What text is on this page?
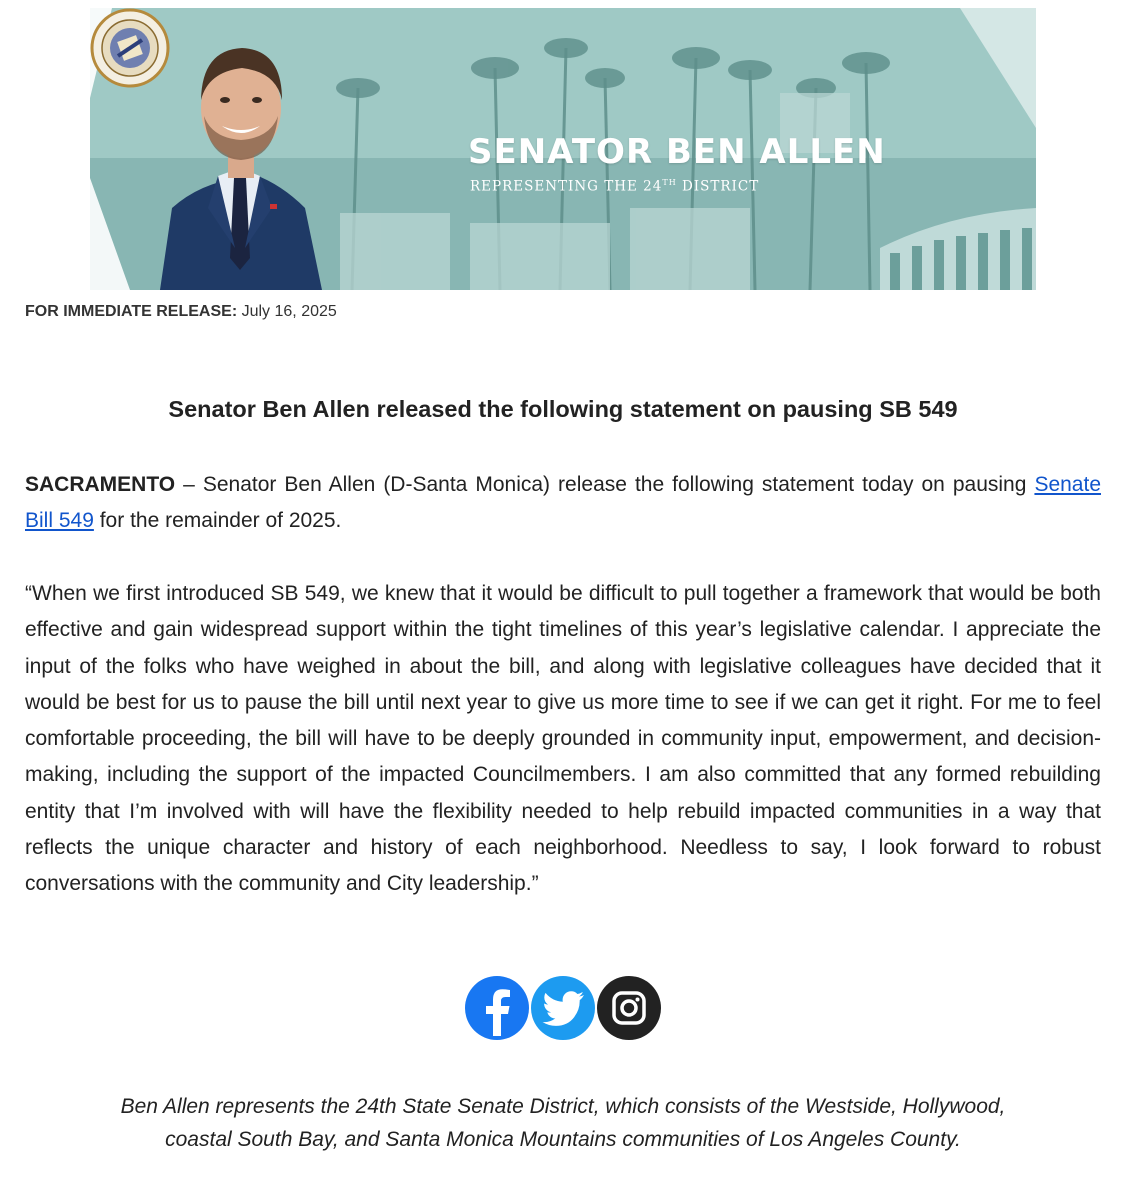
SENATOR BEN ALLEN
REPRESENTING THE 24TH DISTRICT
FOR IMMEDIATE RELEASE: July 16, 2025
Senator Ben Allen released the following statement on pausing SB 549

SACRAMENTO – Senator Ben Allen (D-Santa Monica) release the following statement today on pausing Senate Bill 549 for the remainder of 2025.

“When we first introduced SB 549, we knew that it would be difficult to pull together a framework that would be both effective and gain widespread support within the tight timelines of this year’s legislative calendar. I appreciate the input of the folks who have weighed in about the bill, and along with legislative colleagues have decided that it would be best for us to pause the bill until next year to give us more time to see if we can get it right. For me to feel comfortable proceeding, the bill will have to be deeply grounded in community input, empowerment, and decision-making, including the support of the impacted Councilmembers. I am also committed that any formed rebuilding entity that I’m involved with will have the flexibility needed to help rebuild impacted communities in a way that reflects the unique character and history of each neighborhood. Needless to say, I look forward to robust conversations with the community and City leadership.”

Ben Allen represents the 24th State Senate District, which consists of the Westside, Hollywood,
coastal South Bay, and Santa Monica Mountains communities of Los Angeles County.
